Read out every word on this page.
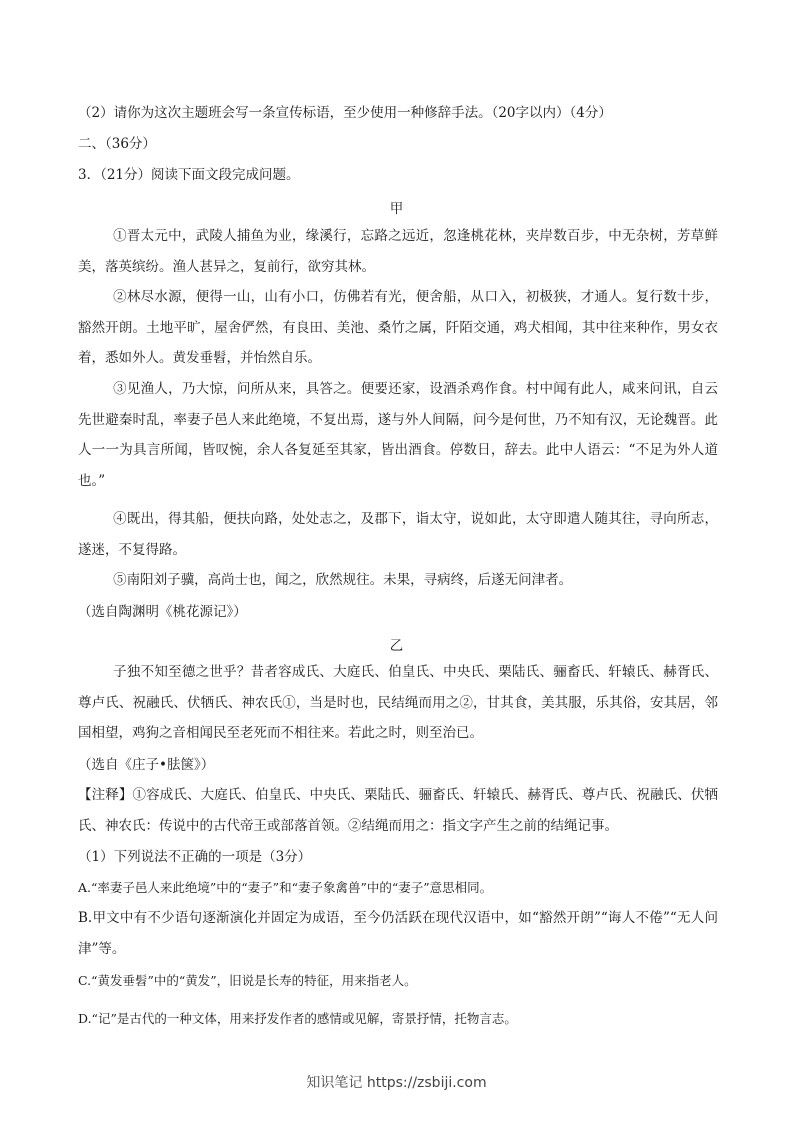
（2）请你为这次主题班会写一条宣传标语，至少使用一种修辞手法。（20字以内）（4分）
二、（36分）
3．（21分）阅读下面文段完成问题。
甲
①晋太元中，武陵人捕鱼为业，缘溪行，忘路之远近，忽逢桃花林，夹岸数百步，中无杂树，芳草鲜美，落英缤纷。渔人甚异之，复前行，欲穷其林。
②林尽水源，便得一山，山有小口，仿佛若有光，便舍船，从口入，初极狭，才通人。复行数十步，豁然开朗。土地平旷，屋舍俨然，有良田、美池、桑竹之属，阡陌交通，鸡犬相闻，其中往来种作，男女衣着，悉如外人。黄发垂髫，并怡然自乐。
③见渔人，乃大惊，问所从来，具答之。便要还家，设酒杀鸡作食。村中闻有此人，咸来问讯，自云先世避秦时乱，率妻子邑人来此绝境，不复出焉，遂与外人间隔，问今是何世，乃不知有汉，无论魏晋。此人一一为具言所闻，皆叹惋，余人各复延至其家，皆出酒食。停数日，辞去。此中人语云：“不足为外人道也。”
④既出，得其船，便扶向路，处处志之，及郡下，诣太守，说如此，太守即遣人随其往，寻向所志，遂迷，不复得路。
⑤南阳刘子骥，高尚士也，闻之，欣然规往。未果，寻病终，后遂无问津者。
（选自陶渊明《桃花源记》）
乙
子独不知至德之世乎？昔者容成氏、大庭氏、伯皇氏、中央氏、栗陆氏、骊畜氏、轩辕氏、赫胥氏、尊卢氏、祝融氏、伏牺氏、神农氏①，当是时也，民结绳而用之②，甘其食，美其服，乐其俗，安其居，邻国相望，鸡狗之音相闻民至老死而不相往来。若此之时，则至治已。
（选自《庄子•胠箧》）
【注释】①容成氏、大庭氏、伯皇氏、中央氏、栗陆氏、骊畜氏、轩辕氏、赫胥氏、尊卢氏、祝融氏、伏牺氏、神农氏：传说中的古代帝王或部落首领。②结绳而用之：指文字产生之前的结绳记事。
（1）下列说法不正确的一项是（3分）
A.“率妻子邑人来此绝境”中的“妻子”和“妻子象禽兽”中的“妻子”意思相同。
B.甲文中有不少语句逐渐演化并固定为成语，至今仍活跃在现代汉语中，如“豁然开朗”“诲人不倦”“无人问津”等。
C.“黄发垂髫”中的“黄发”，旧说是长寿的特征，用来指老人。
D.“记”是古代的一种文体，用来抒发作者的感情或见解，寄景抒情，托物言志。
知识笔记 https://zsbiji.com
